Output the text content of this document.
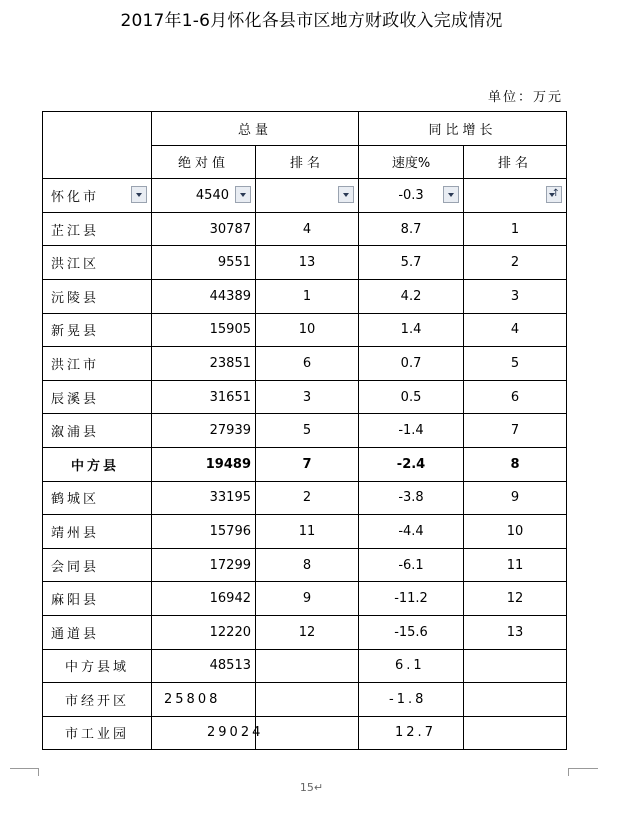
2017年1-6月怀化各县市区地方财政收入完成情况
单位：万元
	总量		同比增长	
	绝对值	排名	速度%	排名
怀化市	4540		-0.3	↑

芷江县	30787	4	8.7	1
洪江区	9551	13	5.7	2
沅陵县	44389	1	4.2	3
新晃县	15905	10	1.4	4
洪江市	23851	6	0.7	5
辰溪县	31651	3	0.5	6
溆浦县	27939	5	-1.4	7
中方县	19489	7	-2.4	8
鹤城区	33195	2	-3.8	9
靖州县	15796	11	-4.4	10
会同县	17299	8	-6.1	11
麻阳县	16942	9	-11.2	12
通道县	12220	12	-15.6	13
中方县域	48513		6.1	
市经开区	25808		-1.8	
市工业园	29024		12.7	
15↵
